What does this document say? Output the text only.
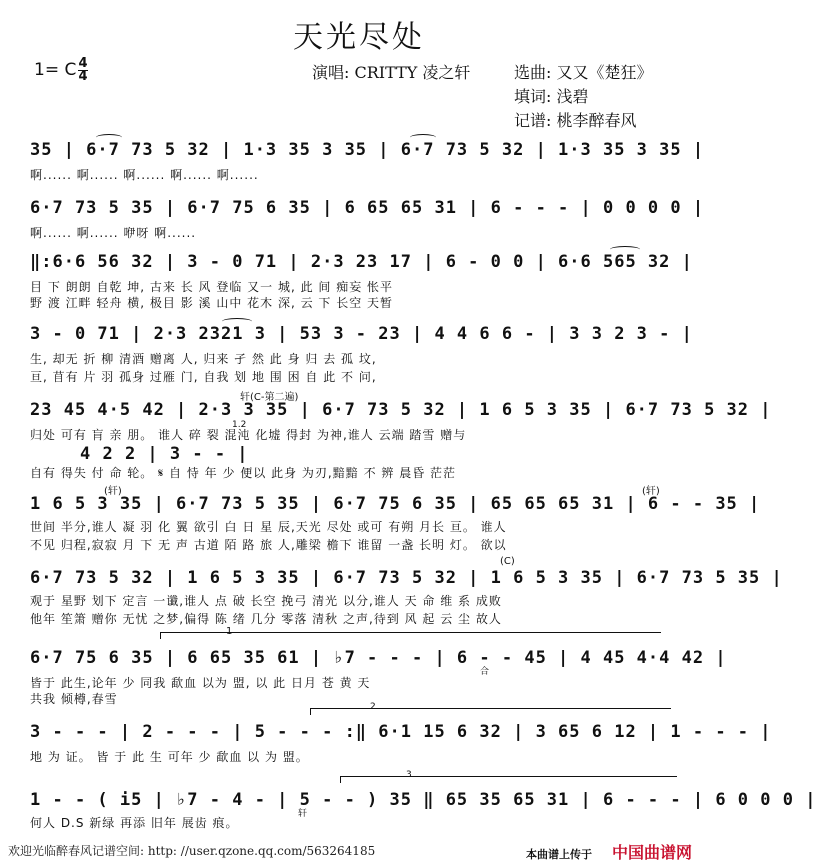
天光尽处
1= C 4
4	演唱: CRITTY 凌之轩	选曲: 又又《楚狂》
填词: 浅碧
记谱: 桃李醉春风
35 | 6·7 73 5 32 | 1·3 35 3 35 | 6·7 73 5 32 | 1·3 35 3 35 |
啊...... 啊...... 啊...... 啊...... 啊......
6·7 73 5 35 | 6·7 75 6 35 | 6 65 65 31 | 6 - - - | 0 0 0 0 |
啊...... 啊...... 咿呀 啊......
‖:6·6 56 32 | 3 - 0 71 | 2·3 23 17 | 6 - 0 0 | 6·6 565 32 |
目 下 朗朗 自乾 坤, 古来 长 风 登临 又一 城, 此 间 痴妄 怅平
野 渡 江畔 轻舟 横, 极目 影 溪 山中 花木 深, 云 下 长空 天暂
3 - 0 71 | 2·3 2321 3 | 53 3 - 23 | 4 4 6 6 - | 3 3 2 3 - |
生, 却无 折 柳 清酒 赠离 人, 归来 孑 然 此 身 归 去 孤 坟,
亘, 苜有 片 羽 孤身 过雁 门, 自我 划 地 围 困 自 此 不 问,
轩(C-第二遍)
23 45 4·5 42 | 2·3 3 35 | 6·7 73 5 32 | 1 6 5 3 35 | 6·7 73 5 32 |
1.2
归处 可有 肓 亲 朋。 谁人 碎 裂 混沌 化墟 得封 为神,谁人 云端 踏雪 赠与
4 2 2 | 3 - - |
自有 得失 付 命 轮。 𝄋 自 恃 年 少 便以 此身 为刃,黯黯 不 辨 晨昏 茫茫
(轩)	(轩)
1 6 5 3 35 | 6·7 73 5 35 | 6·7 75 6 35 | 65 65 65 31 | 6 - - 35 |
世间 半分,谁人 凝 羽 化 翼 欲引 白 日 星 辰,天光 尽处 或可 有朔 月长 亘。 谁人
不见 归程,寂寂 月 下 无 声 古道 陌 路 旅 人,雕梁 檐下 谁留 一盏 长明 灯。 欲以
(C)
6·7 73 5 32 | 1 6 5 3 35 | 6·7 73 5 32 | 1 6 5 3 35 | 6·7 73 5 35 |
观于 星野 划下 定言 一谶,谁人 点 破 长空 挽弓 清光 以分,谁人 天 命 维 系 成败
他年 笙箫 赠你 无忧 之梦,偏得 陈 绪 几分 零落 清秋 之声,待到 风 起 云 尘 故人
1
6·7 75 6 35 | 6 65 35 61 | ♭7 - - - | 6 - - 45 | 4 45 4·4 42 |
皆于 此生,论年 少 同我 歃血 以为 盟, 以 此 日月 苍 黄 天
共我 倾樽,春雪
合
2
3 - - - | 2 - - - | 5 - - - :‖ 6·1 15 6 32 | 3 65 6 12 | 1 - - - |
地 为 证。 皆 于 此 生 可年 少 歃血 以 为 盟。
3
1 - - ( i5 | ♭7 - 4 - | 5 - - ) 35 ‖ 65 35 65 31 | 6 - - - | 6 0 0 0 |
何人 D.S 新绿 再添 旧年 展齿 痕。
轩
欢迎光临醉春风记谱空间: http: //user.qzone.qq.com/563264185	本曲谱上传于 中国曲谱网
